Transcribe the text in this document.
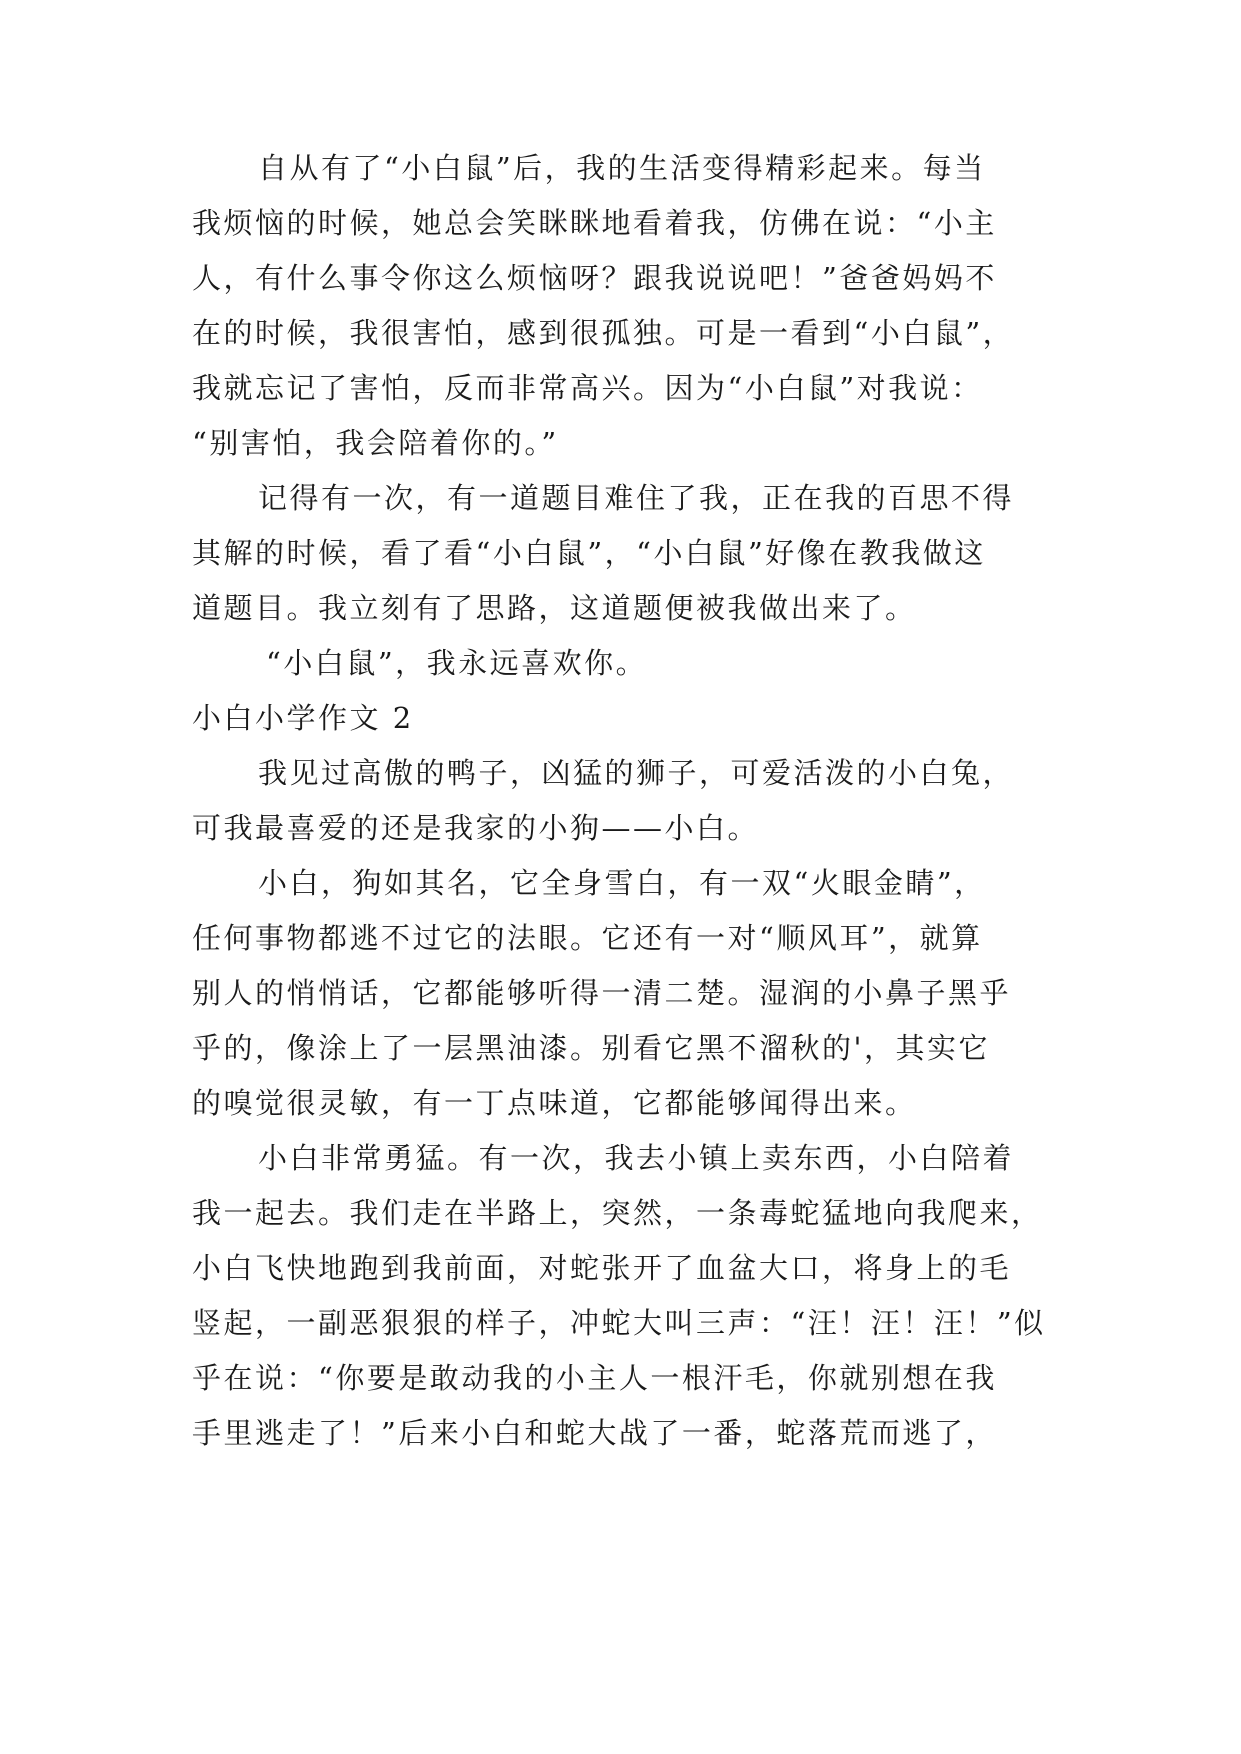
自从有了“小白鼠”后，我的生活变得精彩起来。每当
我烦恼的时候，她总会笑眯眯地看着我，仿佛在说：“小主
人，有什么事令你这么烦恼呀？跟我说说吧！”爸爸妈妈不
在的时候，我很害怕，感到很孤独。可是一看到“小白鼠”，
我就忘记了害怕，反而非常高兴。因为“小白鼠”对我说：
“别害怕，我会陪着你的。”
记得有一次，有一道题目难住了我，正在我的百思不得
其解的时候，看了看“小白鼠”，“小白鼠”好像在教我做这
道题目。我立刻有了思路，这道题便被我做出来了。
“小白鼠”，我永远喜欢你。
小白小学作文 2
我见过高傲的鸭子，凶猛的狮子，可爱活泼的小白兔，
可我最喜爱的还是我家的小狗——小白。
小白，狗如其名，它全身雪白，有一双“火眼金睛”，
任何事物都逃不过它的法眼。它还有一对“顺风耳”，就算
别人的悄悄话，它都能够听得一清二楚。湿润的小鼻子黑乎
乎的，像涂上了一层黑油漆。别看它黑不溜秋的'，其实它
的嗅觉很灵敏，有一丁点味道，它都能够闻得出来。
小白非常勇猛。有一次，我去小镇上卖东西，小白陪着
我一起去。我们走在半路上，突然，一条毒蛇猛地向我爬来，
小白飞快地跑到我前面，对蛇张开了血盆大口，将身上的毛
竖起，一副恶狠狠的样子，冲蛇大叫三声：“汪！汪！汪！”似
乎在说：“你要是敢动我的小主人一根汗毛，你就别想在我
手里逃走了！”后来小白和蛇大战了一番，蛇落荒而逃了，
